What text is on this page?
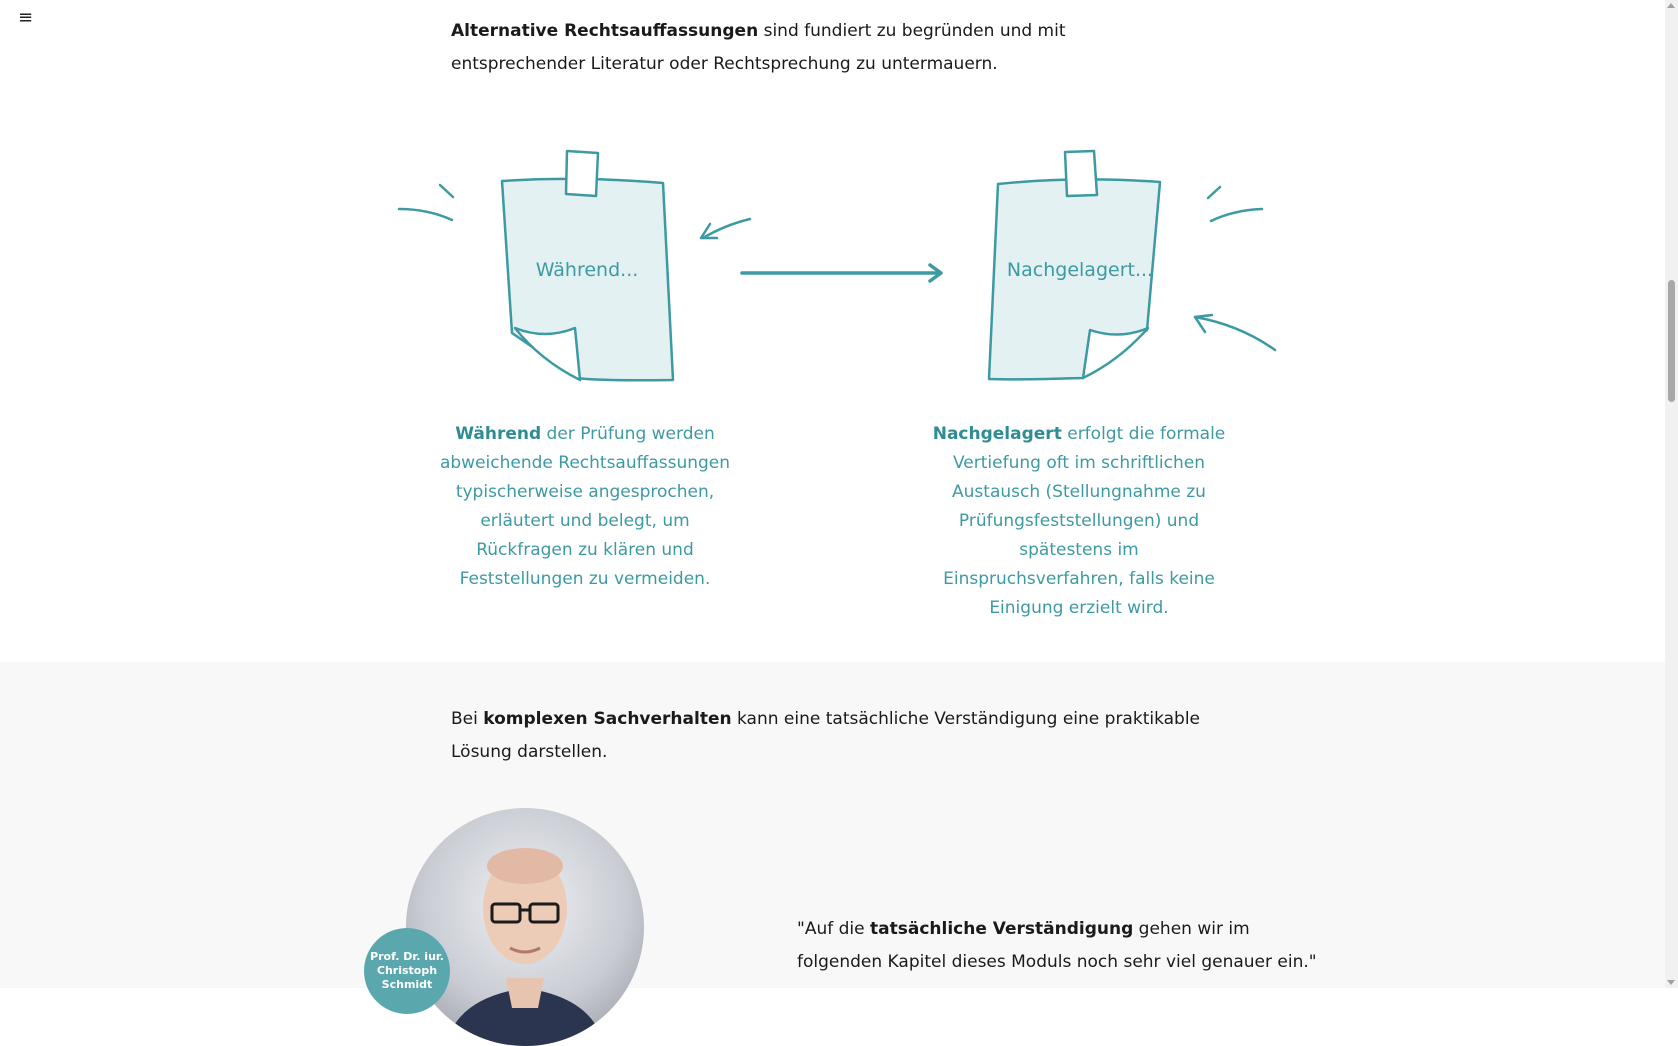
≡

Alternative Rechtsauffassungen sind fundiert zu begründen und mit entsprechender Literatur oder Rechtsprechung zu untermauern.

Während...	Nachgelagert...

Während der Prüfung werden abweichende Rechtsauffassungen typischerweise angesprochen, erläutert und belegt, um Rückfragen zu klären und Feststellungen zu vermeiden.

Nachgelagert erfolgt die formale Vertiefung oft im schriftlichen Austausch (Stellungnahme zu Prüfungsfeststellungen) und spätestens im Einspruchsverfahren, falls keine Einigung erzielt wird.

Bei komplexen Sachverhalten kann eine tatsächliche Verständigung eine praktikable Lösung darstellen.

Prof. Dr. iur.
Christoph
Schmidt

"Auf die tatsächliche Verständigung gehen wir im folgenden Kapitel dieses Moduls noch sehr viel genauer ein."
